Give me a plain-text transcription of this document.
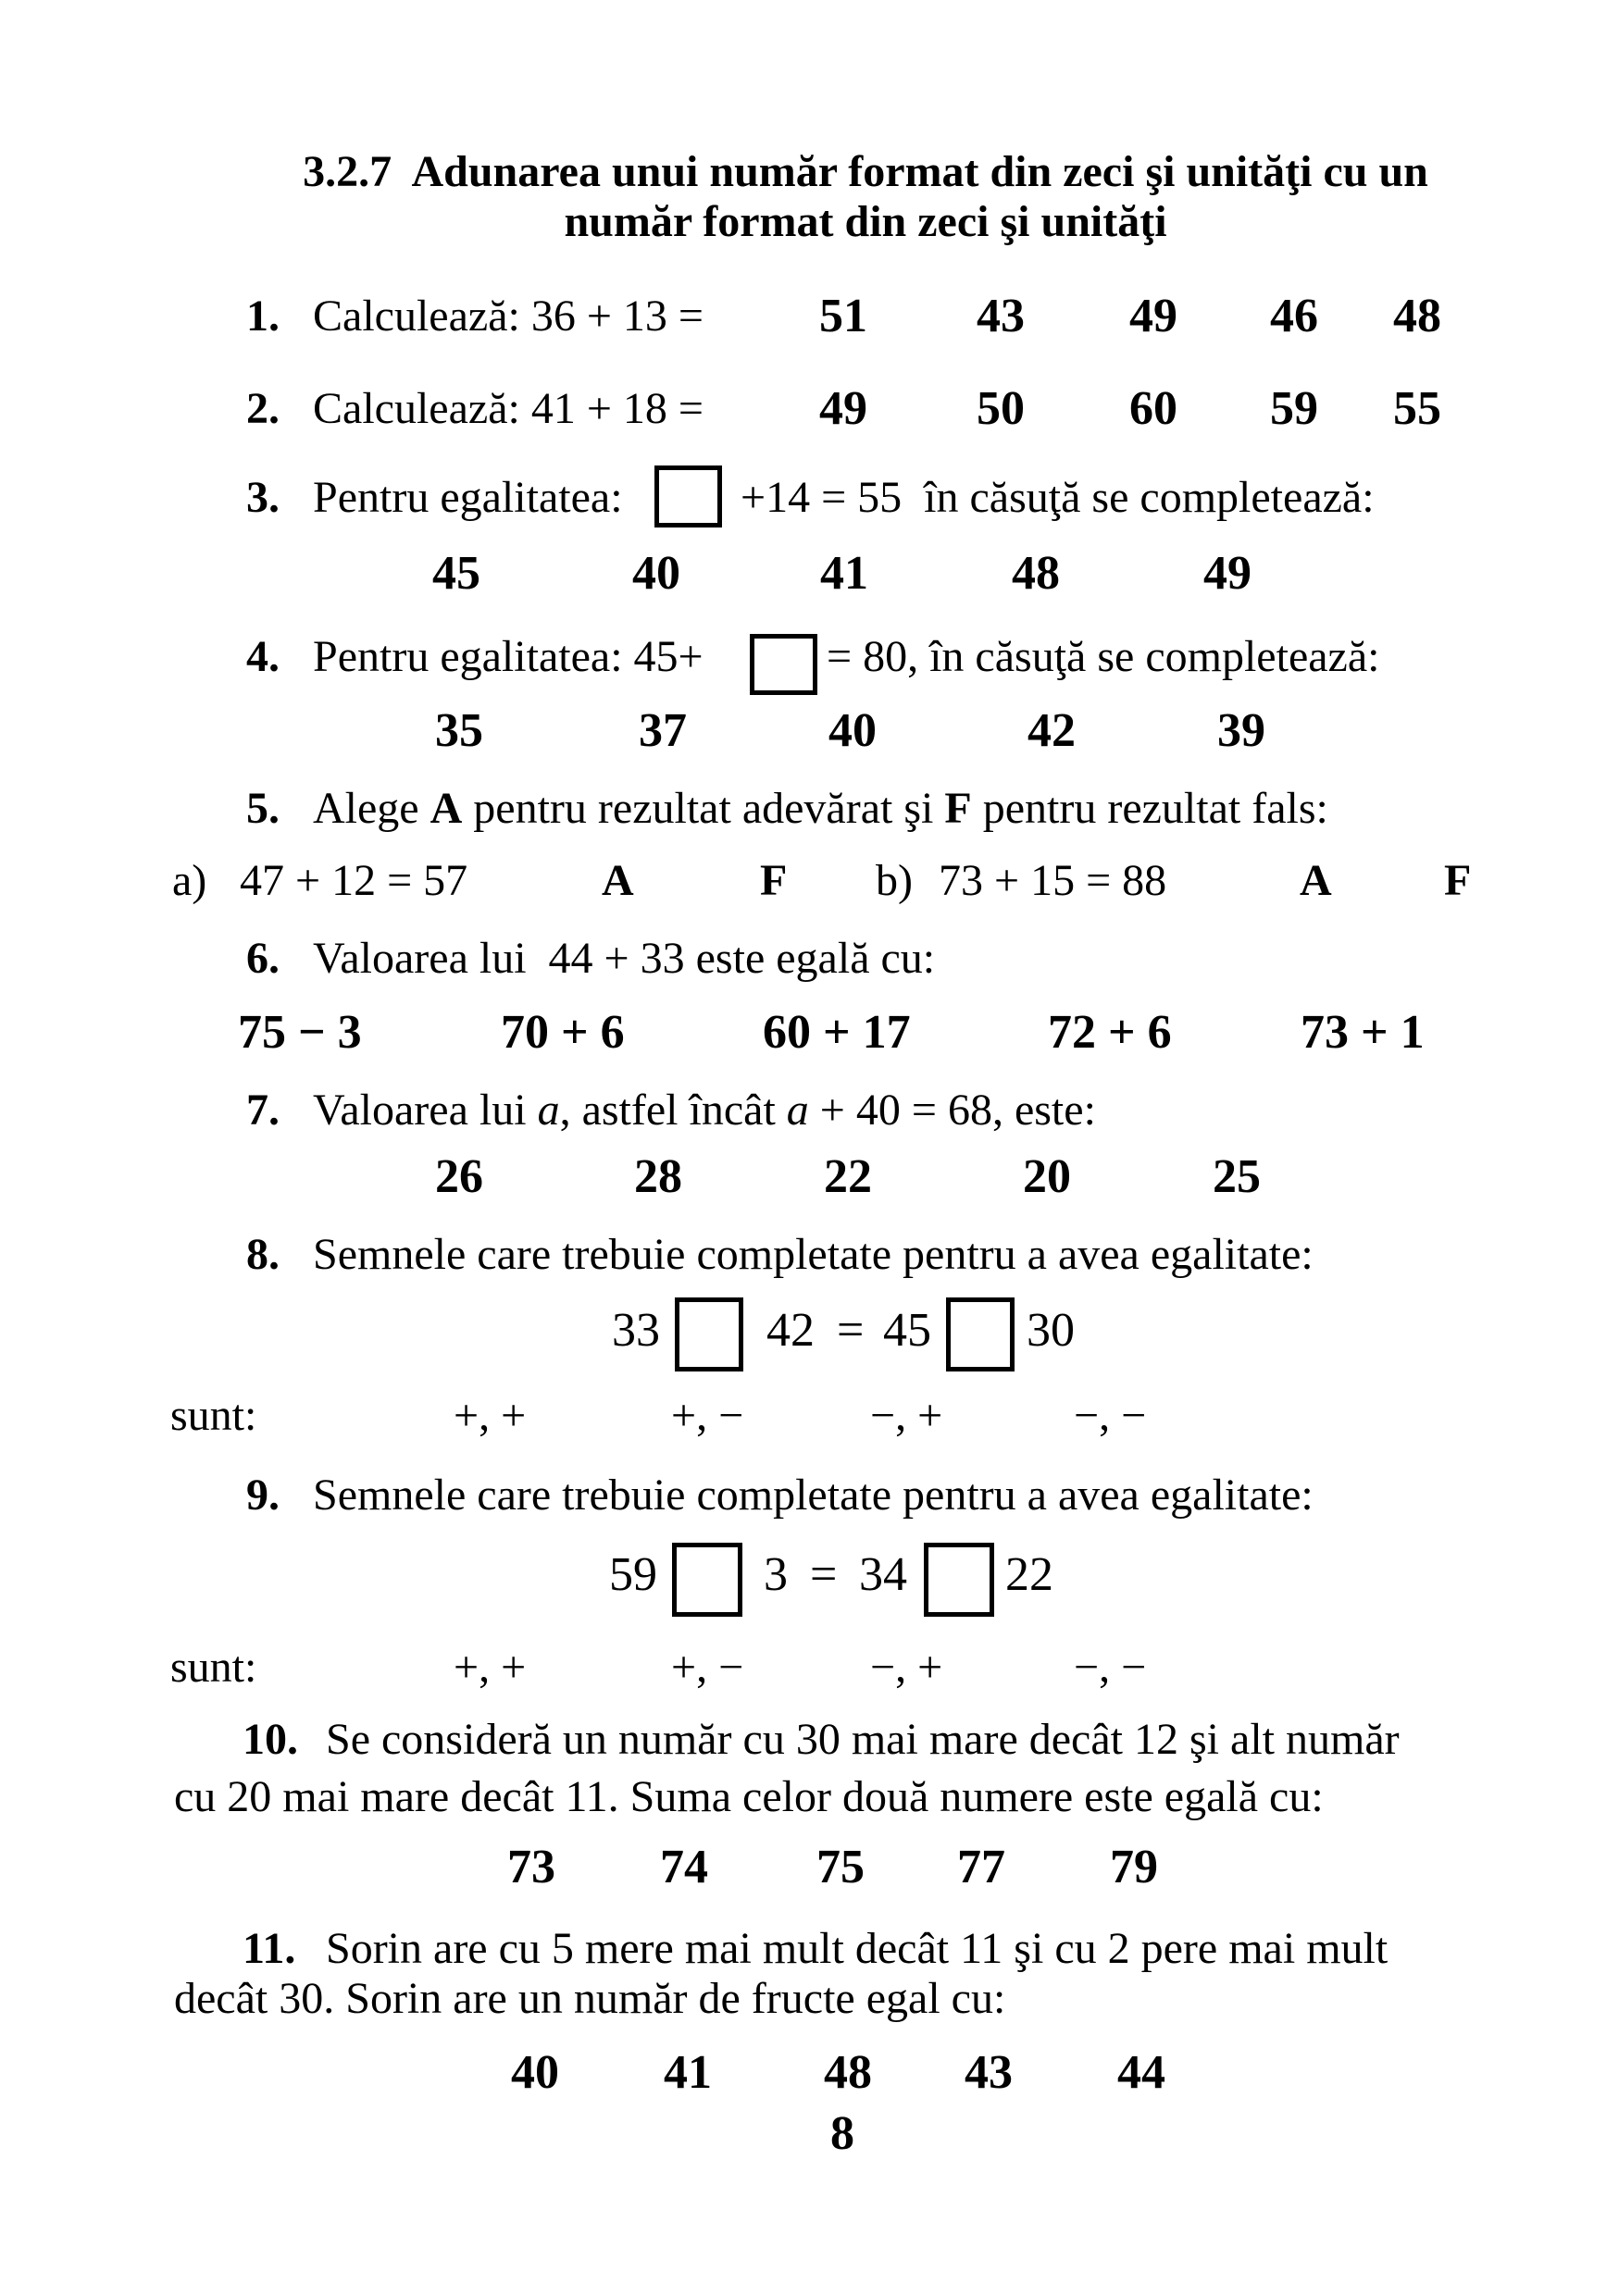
3.2.7  Adunarea unui număr format din zeci şi unităţi cu un
număr format din zeci şi unităţi
1. Calculează: 36 + 13 = 51 43 49 46 48
2. Calculează: 41 + 18 = 49 50 60 59 55
3. Pentru egalitatea:	+14 = 55  în căsuţă se completează:
45	40	41	48	49
4. Pentru egalitatea: 45+	= 80, în căsuţă se completează:
35	37	40	42	39
5. Alege A pentru rezultat adevărat şi F pentru rezultat fals:
a) 47 + 12 = 57	A	F b) 73 + 15 = 88	A	F
6. Valoarea lui  44 + 33 este egală cu:
75 − 3	70 + 6	60 + 17	72 + 6	73 + 1
7. Valoarea lui a, astfel încât a + 40 = 68, este:
26	28	22	20	25
8. Semnele care trebuie completate pentru a avea egalitate:
33 42 = 45 30
sunt:	+, +	+, −	−, +	−, −
9. Semnele care trebuie completate pentru a avea egalitate:
59 3 = 34 22
sunt:	+, +	+, −	−, +	−, −
10. Se consideră un număr cu 30 mai mare decât 12 şi alt număr
cu 20 mai mare decât 11. Suma celor două numere este egală cu:
73 74 75 77 79
11. Sorin are cu 5 mere mai mult decât 11 şi cu 2 pere mai mult
decât 30. Sorin are un număr de fructe egal cu:
40 41 48 43 44
8
